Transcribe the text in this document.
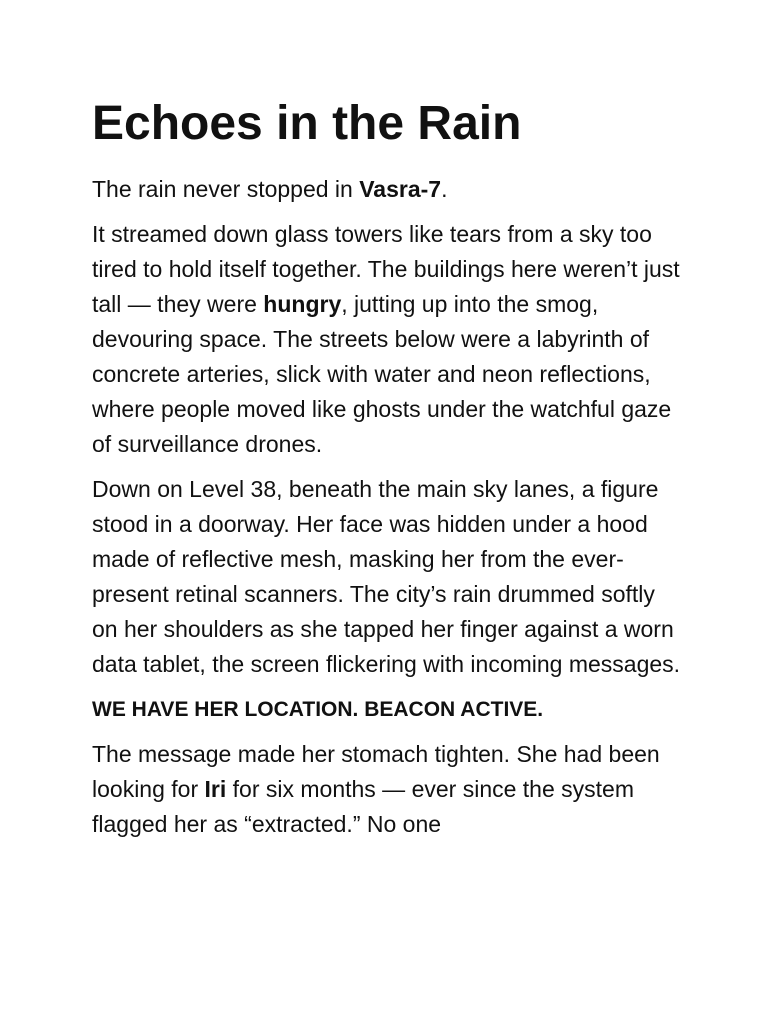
Echoes in the Rain

The rain never stopped in Vasra-7.

It streamed down glass towers like tears from a sky too tired to hold itself together. The buildings here weren’t just tall — they were hungry, jutting up into the smog, devouring space. The streets below were a labyrinth of concrete arteries, slick with water and neon reflections, where people moved like ghosts under the watchful gaze of surveillance drones.

Down on Level 38, beneath the main sky lanes, a figure stood in a doorway. Her face was hidden under a hood made of reflective mesh, masking her from the ever-present retinal scanners. The city’s rain drummed softly on her shoulders as she tapped her finger against a worn data tablet, the screen flickering with incoming messages.

WE HAVE HER LOCATION. BEACON ACTIVE.

The message made her stomach tighten. She had been looking for Iri for six months — ever since the system flagged her as “extracted.” No one
